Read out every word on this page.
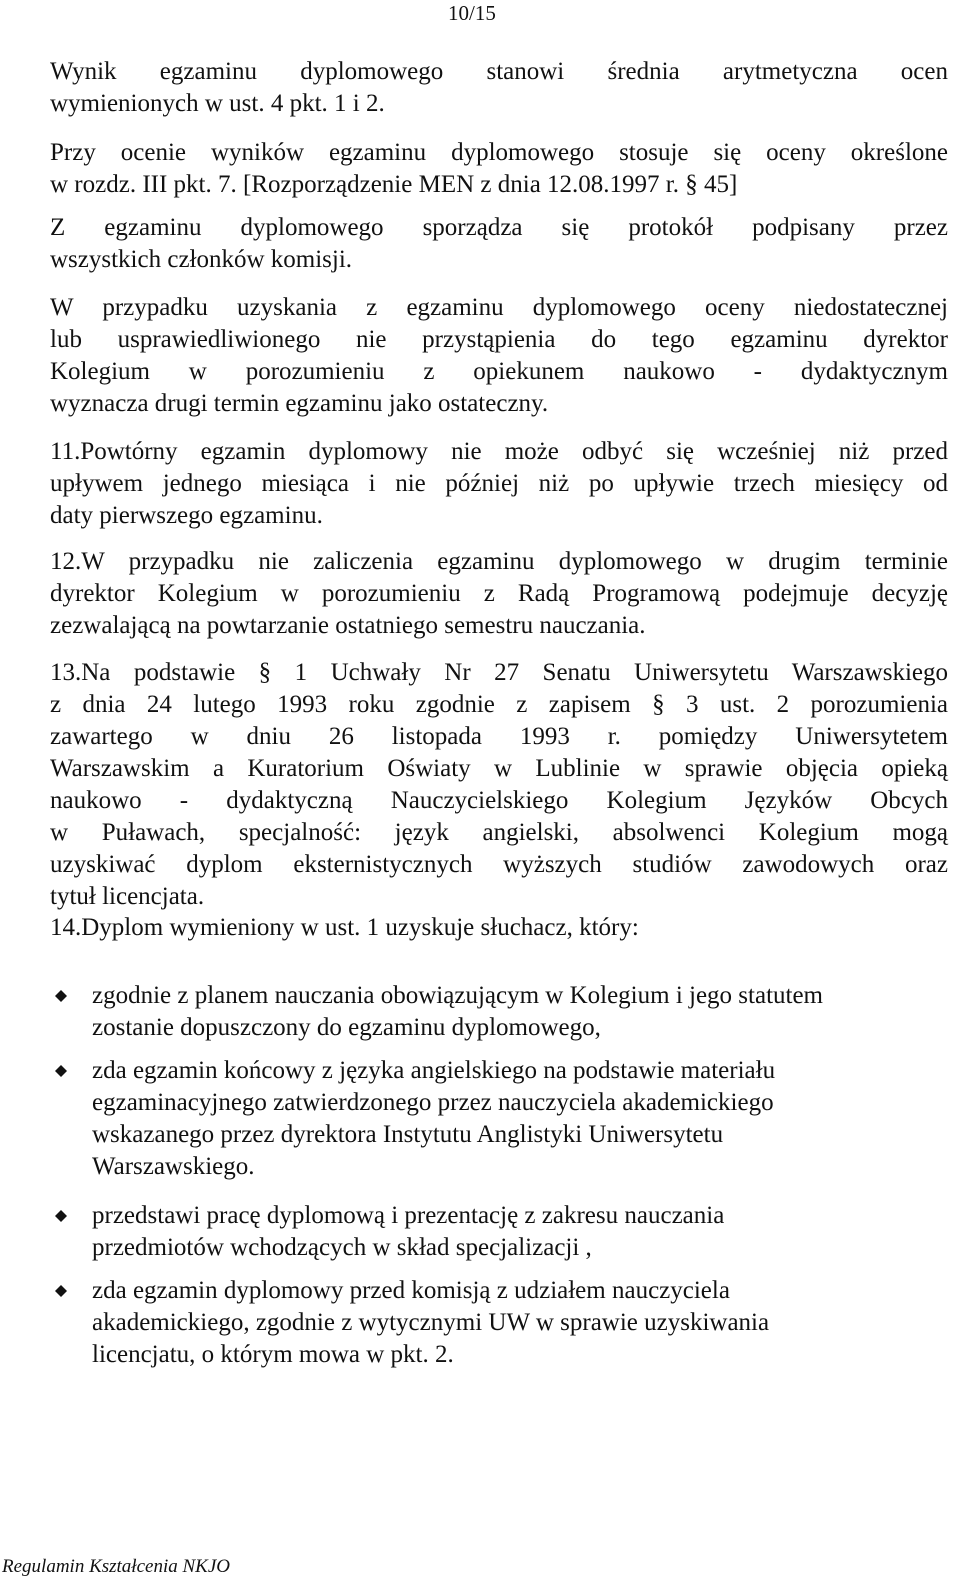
10/15
Wynik egzaminu dyplomowego stanowi średnia arytmetyczna ocen
wymienionych w ust. 4 pkt. 1 i 2.
Przy ocenie wyników egzaminu dyplomowego stosuje się oceny określone
w rozdz. III pkt. 7. [Rozporządzenie MEN z dnia 12.08.1997 r. § 45]
Z egzaminu dyplomowego sporządza się protokół podpisany przez
wszystkich członków komisji.
W przypadku uzyskania z egzaminu dyplomowego oceny niedostatecznej
lub usprawiedliwionego nie przystąpienia do tego egzaminu dyrektor
Kolegium w porozumieniu z opiekunem naukowo - dydaktycznym
wyznacza drugi termin egzaminu jako ostateczny.
11.Powtórny egzamin dyplomowy nie może odbyć się wcześniej niż przed
upływem jednego miesiąca i nie później niż po upływie trzech miesięcy od
daty pierwszego egzaminu.
12.W przypadku nie zaliczenia egzaminu dyplomowego w drugim terminie
dyrektor Kolegium w porozumieniu z Radą Programową podejmuje decyzję
zezwalającą na powtarzanie ostatniego semestru nauczania.
13.Na podstawie § 1 Uchwały Nr 27 Senatu Uniwersytetu Warszawskiego
z dnia 24 lutego 1993 roku zgodnie z zapisem § 3 ust. 2 porozumienia
zawartego w dniu 26 listopada 1993 r. pomiędzy Uniwersytetem
Warszawskim a Kuratorium Oświaty w Lublinie w sprawie objęcia opieką
naukowo - dydaktyczną Nauczycielskiego Kolegium Języków Obcych
w Puławach, specjalność: język angielski, absolwenci Kolegium mogą
uzyskiwać dyplom eksternistycznych wyższych studiów zawodowych oraz
tytuł licencjata.
14.Dyplom wymieniony w ust. 1 uzyskuje słuchacz, który:
zgodnie z planem nauczania obowiązującym w Kolegium i jego statutem
zostanie dopuszczony do egzaminu dyplomowego,
zda egzamin końcowy z języka angielskiego na podstawie materiału
egzaminacyjnego zatwierdzonego przez nauczyciela akademickiego
wskazanego przez dyrektora Instytutu Anglistyki Uniwersytetu
Warszawskiego.
przedstawi pracę dyplomową i prezentację z zakresu nauczania
przedmiotów wchodzących w skład specjalizacji ,
zda egzamin dyplomowy przed komisją z udziałem nauczyciela
akademickiego, zgodnie z wytycznymi UW w sprawie uzyskiwania
licencjatu, o którym mowa w pkt. 2.
Regulamin Kształcenia NKJO
